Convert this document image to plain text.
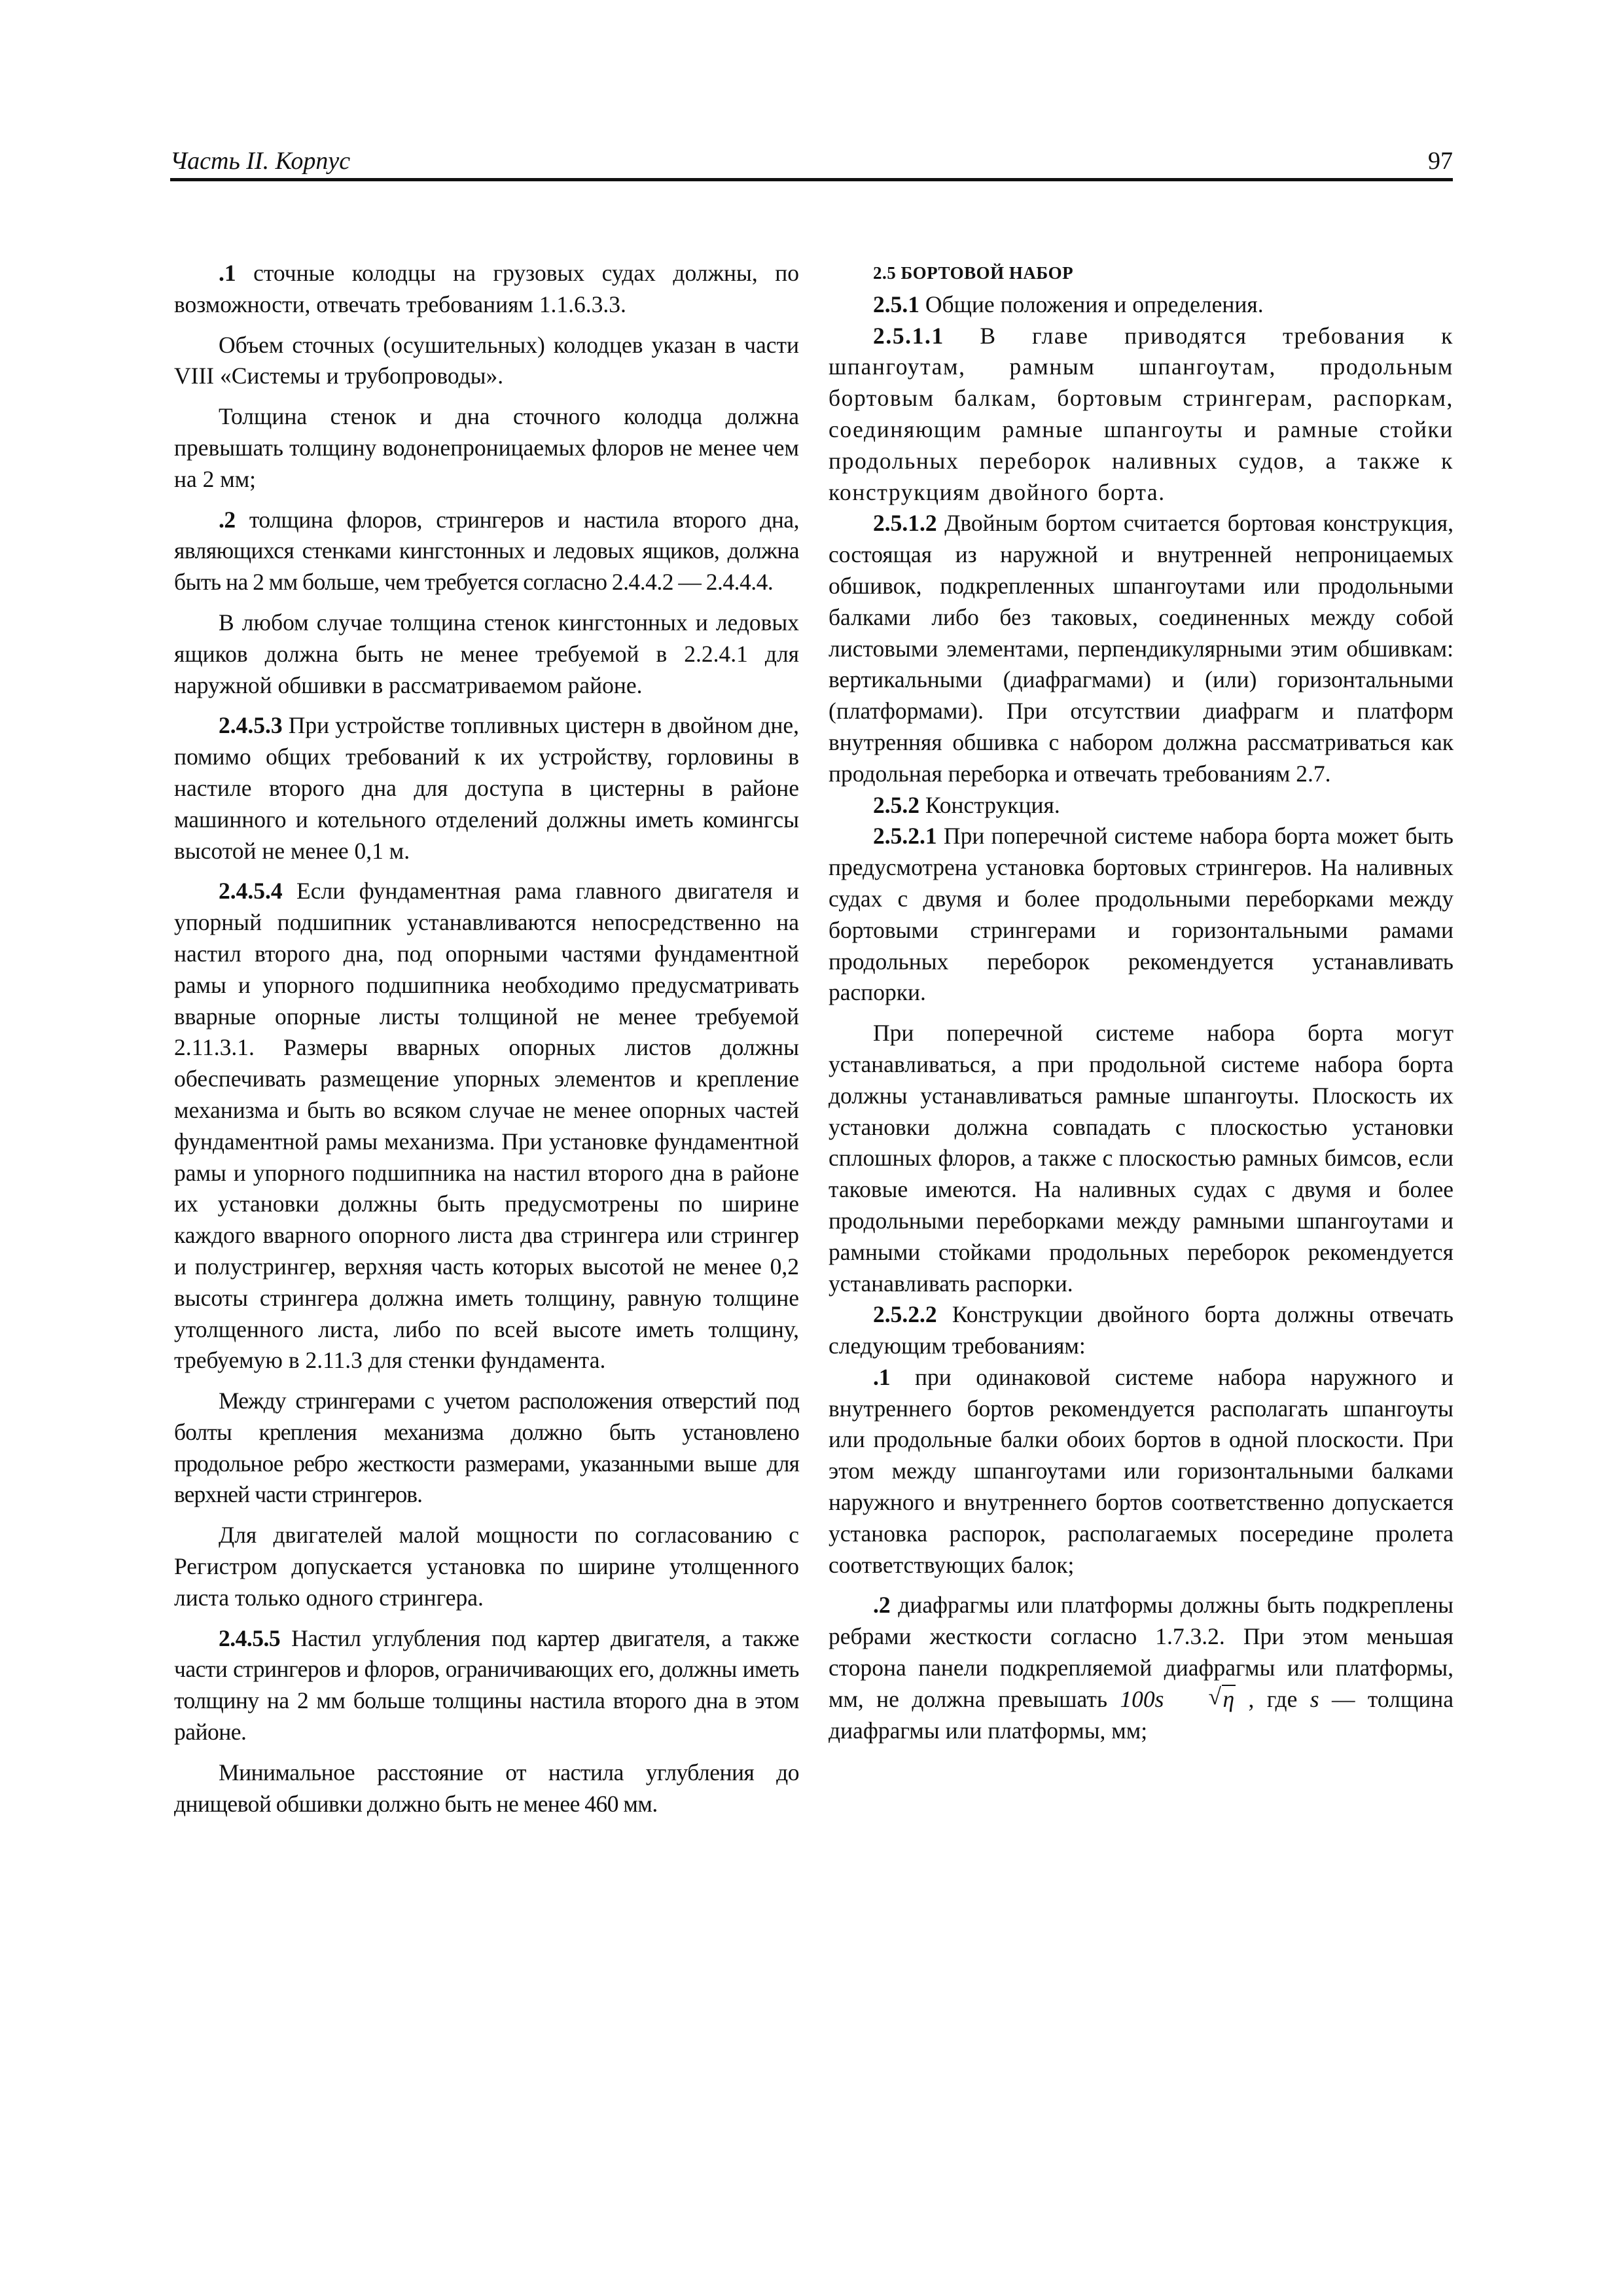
Часть II. Корпус	97

.1 сточные колодцы на грузовых судах должны, по возможности, отвечать требованиям 1.1.6.3.3.

Объем сточных (осушительных) колодцев указан в части VIII «Системы и трубопроводы».

Толщина стенок и дна сточного колодца должна превышать толщину водонепроницаемых флоров не менее чем на 2 мм;

.2 толщина флоров, стрингеров и настила второго дна, являющихся стенками кингстонных и ледовых ящиков, должна быть на 2 мм больше, чем требуется согласно 2.4.4.2 — 2.4.4.4.

В любом случае толщина стенок кингстонных и ледовых ящиков должна быть не менее требуемой в 2.2.4.1 для наружной обшивки в рассматриваемом районе.

2.4.5.3 При устройстве топливных цистерн в двойном дне, помимо общих требований к их устройству, горловины в настиле второго дна для доступа в цистерны в районе машинного и котельного отделений должны иметь комингсы высотой не менее 0,1 м.

2.4.5.4 Если фундаментная рама главного двигателя и упорный подшипник устанавливаются непосредственно на настил второго дна, под опорными частями фундаментной рамы и упорного подшипника необходимо предусматривать вварные опорные листы толщиной не менее требуемой 2.11.3.1. Размеры вварных опорных листов должны обеспечивать размещение упорных элементов и крепление механизма и быть во всяком случае не менее опорных частей фундаментной рамы механизма. При установке фундаментной рамы и упорного подшипника на настил второго дна в районе их установки должны быть предусмотрены по ширине каждого вварного опорного листа два стрингера или стрингер и полустрингер, верхняя часть которых высотой не менее 0,2 высоты стрингера должна иметь толщину, равную толщине утолщенного листа, либо по всей высоте иметь толщину, требуемую в 2.11.3 для стенки фундамента.

Между стрингерами с учетом расположения отверстий под болты крепления механизма должно быть установлено продольное ребро жесткости размерами, указанными выше для верхней части стрингеров.

Для двигателей малой мощности по согласованию с Регистром допускается установка по ширине утолщенного листа только одного стрингера.

2.4.5.5 Настил углубления под картер двигателя, а также части стрингеров и флоров, ограничивающих его, должны иметь толщину на 2 мм больше толщины настила второго дна в этом районе.

Минимальное расстояние от настила углубления до днищевой обшивки должно быть не менее 460 мм.

2.5 БОРТОВОЙ НАБОР

2.5.1 Общие положения и определения.

2.5.1.1 В главе приводятся требования к шпангоутам, рамным шпангоутам, продольным бортовым балкам, бортовым стрингерам, распоркам, соединяющим рамные шпангоуты и рамные стойки продольных переборок наливных судов, а также к конструкциям двойного борта.

2.5.1.2 Двойным бортом считается бортовая конструкция, состоящая из наружной и внутренней непроницаемых обшивок, подкрепленных шпангоутами или продольными балками либо без таковых, соединенных между собой листовыми элементами, перпендикулярными этим обшивкам: вертикальными (диафрагмами) и (или) горизонтальными (платформами). При отсутствии диафрагм и платформ внутренняя обшивка с набором должна рассматриваться как продольная переборка и отвечать требованиям 2.7.

2.5.2 Конструкция.

2.5.2.1 При поперечной системе набора борта может быть предусмотрена установка бортовых стрингеров. На наливных судах с двумя и более продольными переборками между бортовыми стрингерами и горизонтальными рамами продольных переборок рекомендуется устанавливать распорки.

При поперечной системе набора борта могут устанавливаться, а при продольной системе набора борта должны устанавливаться рамные шпангоуты. Плоскость их установки должна совпадать с плоскостью установки сплошных флоров, а также с плоскостью рамных бимсов, если таковые имеются. На наливных судах с двумя и более продольными переборками между рамными шпангоутами и рамными стойками продольных переборок рекомендуется устанавливать распорки.

2.5.2.2 Конструкции двойного борта должны отвечать следующим требованиям:

.1 при одинаковой системе набора наружного и внутреннего бортов рекомендуется располагать шпангоуты или продольные балки обоих бортов в одной плоскости. При этом между шпангоутами или горизонтальными балками наружного и внутреннего бортов соответственно допускается установка распорок, располагаемых посередине пролета соответствующих балок;

.2 диафрагмы или платформы должны быть подкреплены ребрами жесткости согласно 1.7.3.2. При этом меньшая сторона панели подкрепляемой диафрагмы или платформы, мм, не должна превышать 100s	√ η , где s — толщина диафрагмы или платформы, мм;
